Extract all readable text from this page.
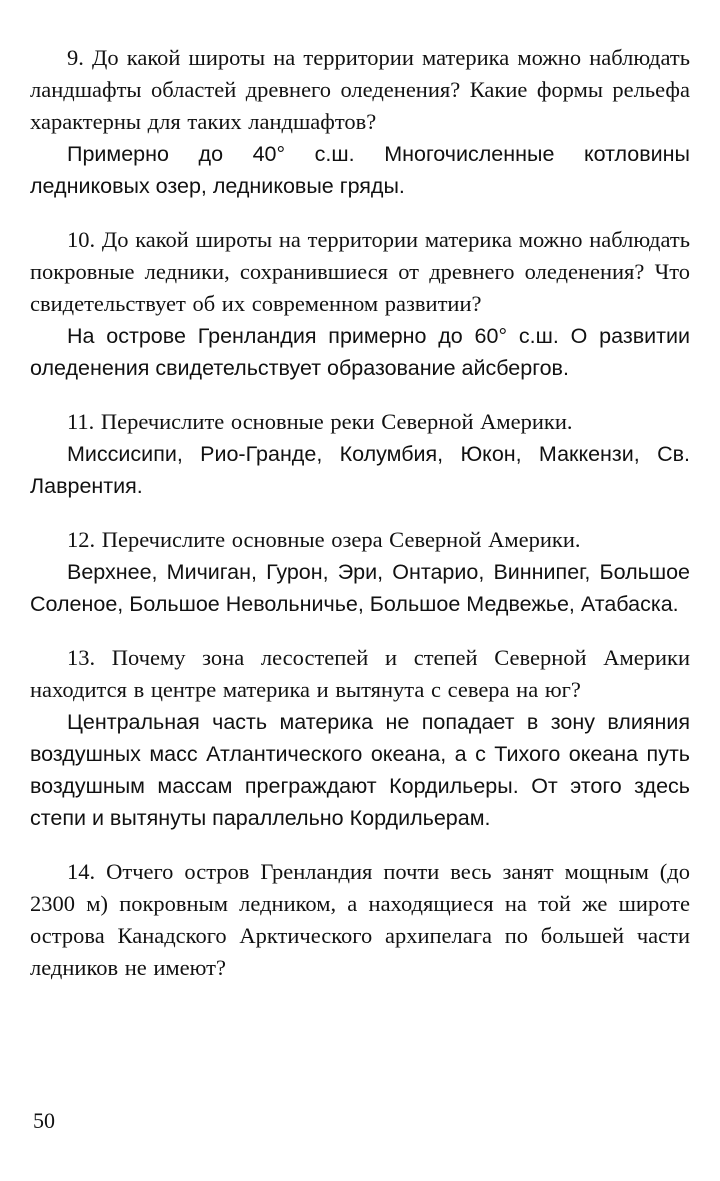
9. До какой широты на территории материка можно наблюдать ландшафты областей древнего оледенения? Какие формы рельефа характерны для таких ландшафтов?

Примерно до 40° с.ш. Многочисленные котловины ледниковых озер, ледниковые гряды.

10. До какой широты на территории материка можно наблюдать покровные ледники, сохранившиеся от древнего оледенения? Что свидетельствует об их современном развитии?

На острове Гренландия примерно до 60° с.ш. О развитии оледенения свидетельствует образование айсбергов.

11. Перечислите основные реки Северной Америки.

Миссисипи, Рио-Гранде, Колумбия, Юкон, Маккензи, Св. Лаврентия.

12. Перечислите основные озера Северной Америки.

Верхнее, Мичиган, Гурон, Эри, Онтарио, Виннипег, Большое Соленое, Большое Невольничье, Большое Медвежье, Атабаска.

13. Почему зона лесостепей и степей Северной Америки находится в центре материка и вытянута с севера на юг?

Центральная часть материка не попадает в зону влияния воздушных масс Атлантического океана, а с Тихого океана путь воздушным массам преграждают Кордильеры. От этого здесь степи и вытянуты параллельно Кордильерам.

14. Отчего остров Гренландия почти весь занят мощным (до 2300 м) покровным ледником, а находящиеся на той же широте острова Канадского Арктического архипелага по большей части ледников не имеют?

50
